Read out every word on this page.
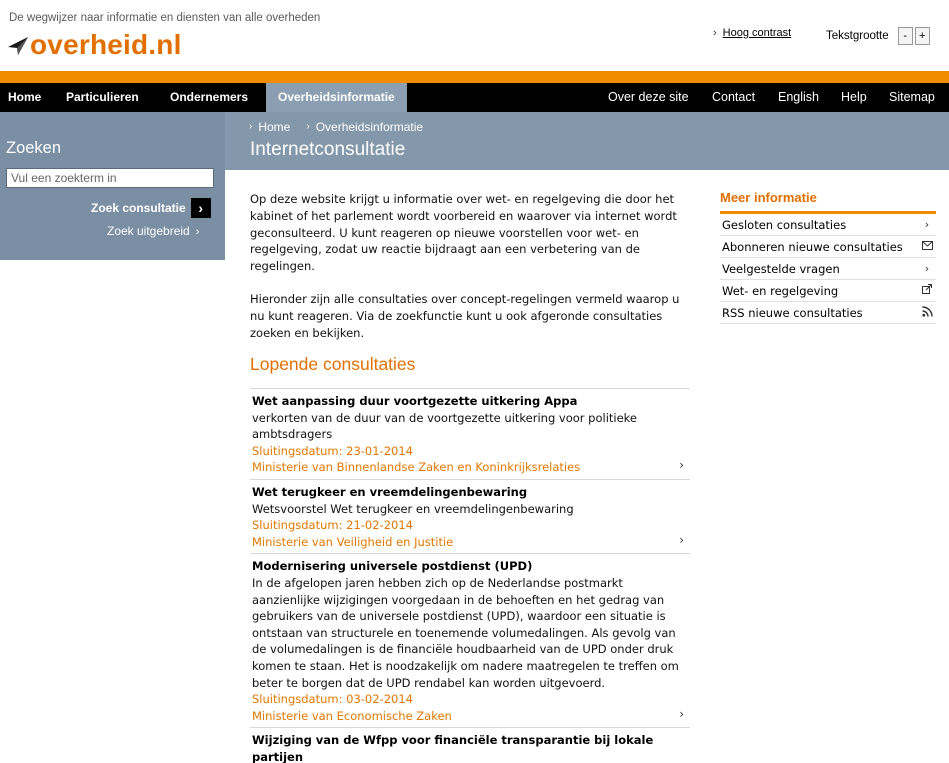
De wegwijzer naar informatie en diensten van alle overheden
overheid.nl	› Hoog contrast	Tekstgrootte	-	+
Home Particulieren	Ondernemers	Overheidsinformatie	Over deze site Contact English Help Sitemap
› Home › Overheidsinformatie
Internetconsultatie
Zoeken
Vul een zoekterm in
Zoek consultatie ›
Zoek uitgebreid ›

Op deze website krijgt u informatie over wet- en regelgeving die door het kabinet of het parlement wordt voorbereid en waarover via internet wordt geconsulteerd. U kunt reageren op nieuwe voorstellen voor wet- en regelgeving, zodat uw reactie bijdraagt aan een verbetering van de regelingen.

Hieronder zijn alle consultaties over concept-regelingen vermeld waarop u nu kunt reageren. Via de zoekfunctie kunt u ook afgeronde consultaties zoeken en bekijken.

Lopende consultaties
Wet aanpassing duur voortgezette uitkering Appa
verkorten van de duur van de voortgezette uitkering voor politieke ambtsdragers
Sluitingsdatum: 23-01-2014
Ministerie van Binnenlandse Zaken en Koninkrijksrelaties	›
Wet terugkeer en vreemdelingenbewaring
Wetsvoorstel Wet terugkeer en vreemdelingenbewaring
Sluitingsdatum: 21-02-2014
Ministerie van Veiligheid en Justitie	›
Modernisering universele postdienst (UPD)
In de afgelopen jaren hebben zich op de Nederlandse postmarkt aanzienlijke wijzigingen voorgedaan in de behoeften en het gedrag van gebruikers van de universele postdienst (UPD), waardoor een situatie is ontstaan van structurele en toenemende volumedalingen. Als gevolg van de volumedalingen is de financiële houdbaarheid van de UPD onder druk komen te staan. Het is noodzakelijk om nadere maatregelen te treffen om beter te borgen dat de UPD rendabel kan worden uitgevoerd.
Sluitingsdatum: 03-02-2014
Ministerie van Economische Zaken	›
Wijziging van de Wfpp voor financiële transparantie bij lokale partijen
Meer informatie
Gesloten consultaties	›
Abonneren nieuwe consultaties
Veelgestelde vragen	›
Wet- en regelgeving
RSS nieuwe consultaties
